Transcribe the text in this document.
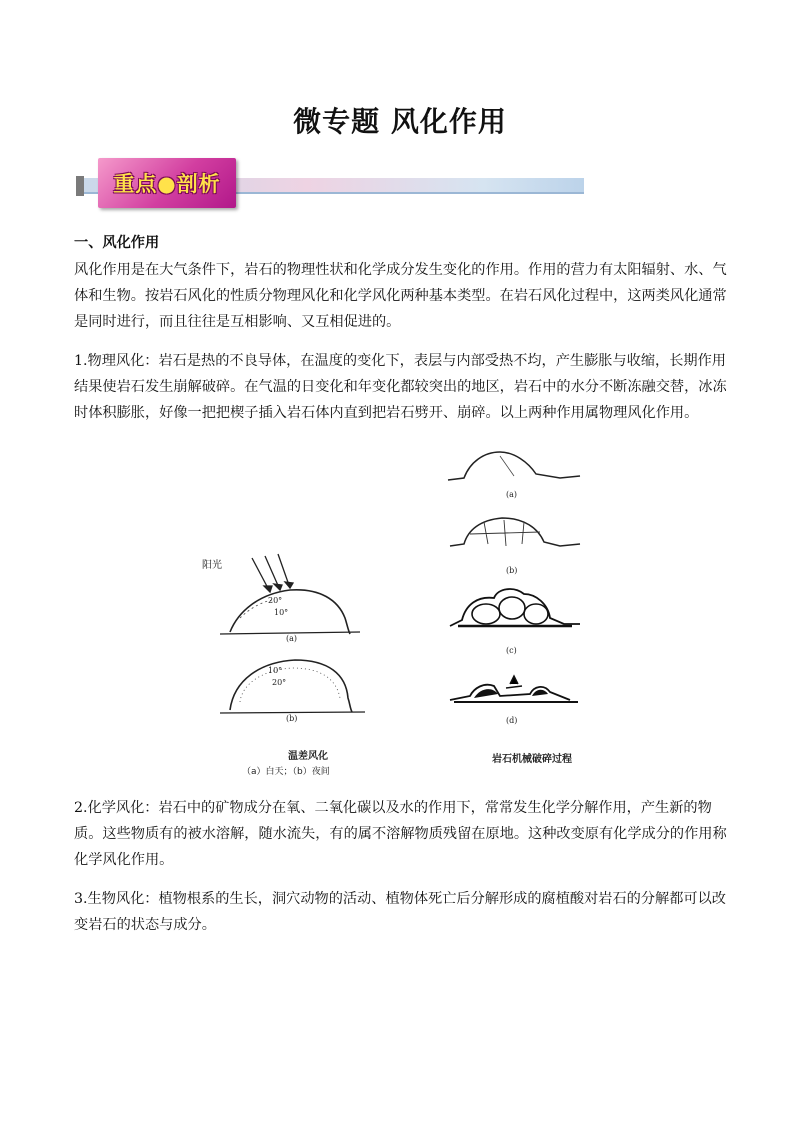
微专题 风化作用
重点●剖析
一、风化作用
风化作用是在大气条件下，岩石的物理性状和化学成分发生变化的作用。作用的营力有太阳辐射、水、气
体和生物。按岩石风化的性质分物理风化和化学风化两种基本类型。在岩石风化过程中，这两类风化通常
是同时进行，而且往往是互相影响、又互相促进的。
1.物理风化：岩石是热的不良导体，在温度的变化下，表层与内部受热不均，产生膨胀与收缩，长期作用
结果使岩石发生崩解破碎。在气温的日变化和年变化都较突出的地区，岩石中的水分不断冻融交替，冰冻
时体积膨胀，好像一把把楔子插入岩石体内直到把岩石劈开、崩碎。以上两种作用属物理风化作用。
阳光
20°
10°
(a)
10°
20°
(b)
温差风化
（a）白天；（b）夜间
(a)
(b)
(c)
(d)
岩石机械破碎过程
2.化学风化：岩石中的矿物成分在氧、二氧化碳以及水的作用下，常常发生化学分解作用，产生新的物
质。这些物质有的被水溶解，随水流失，有的属不溶解物质残留在原地。这种改变原有化学成分的作用称
化学风化作用。
3.生物风化：植物根系的生长，洞穴动物的活动、植物体死亡后分解形成的腐植酸对岩石的分解都可以改
变岩石的状态与成分。
